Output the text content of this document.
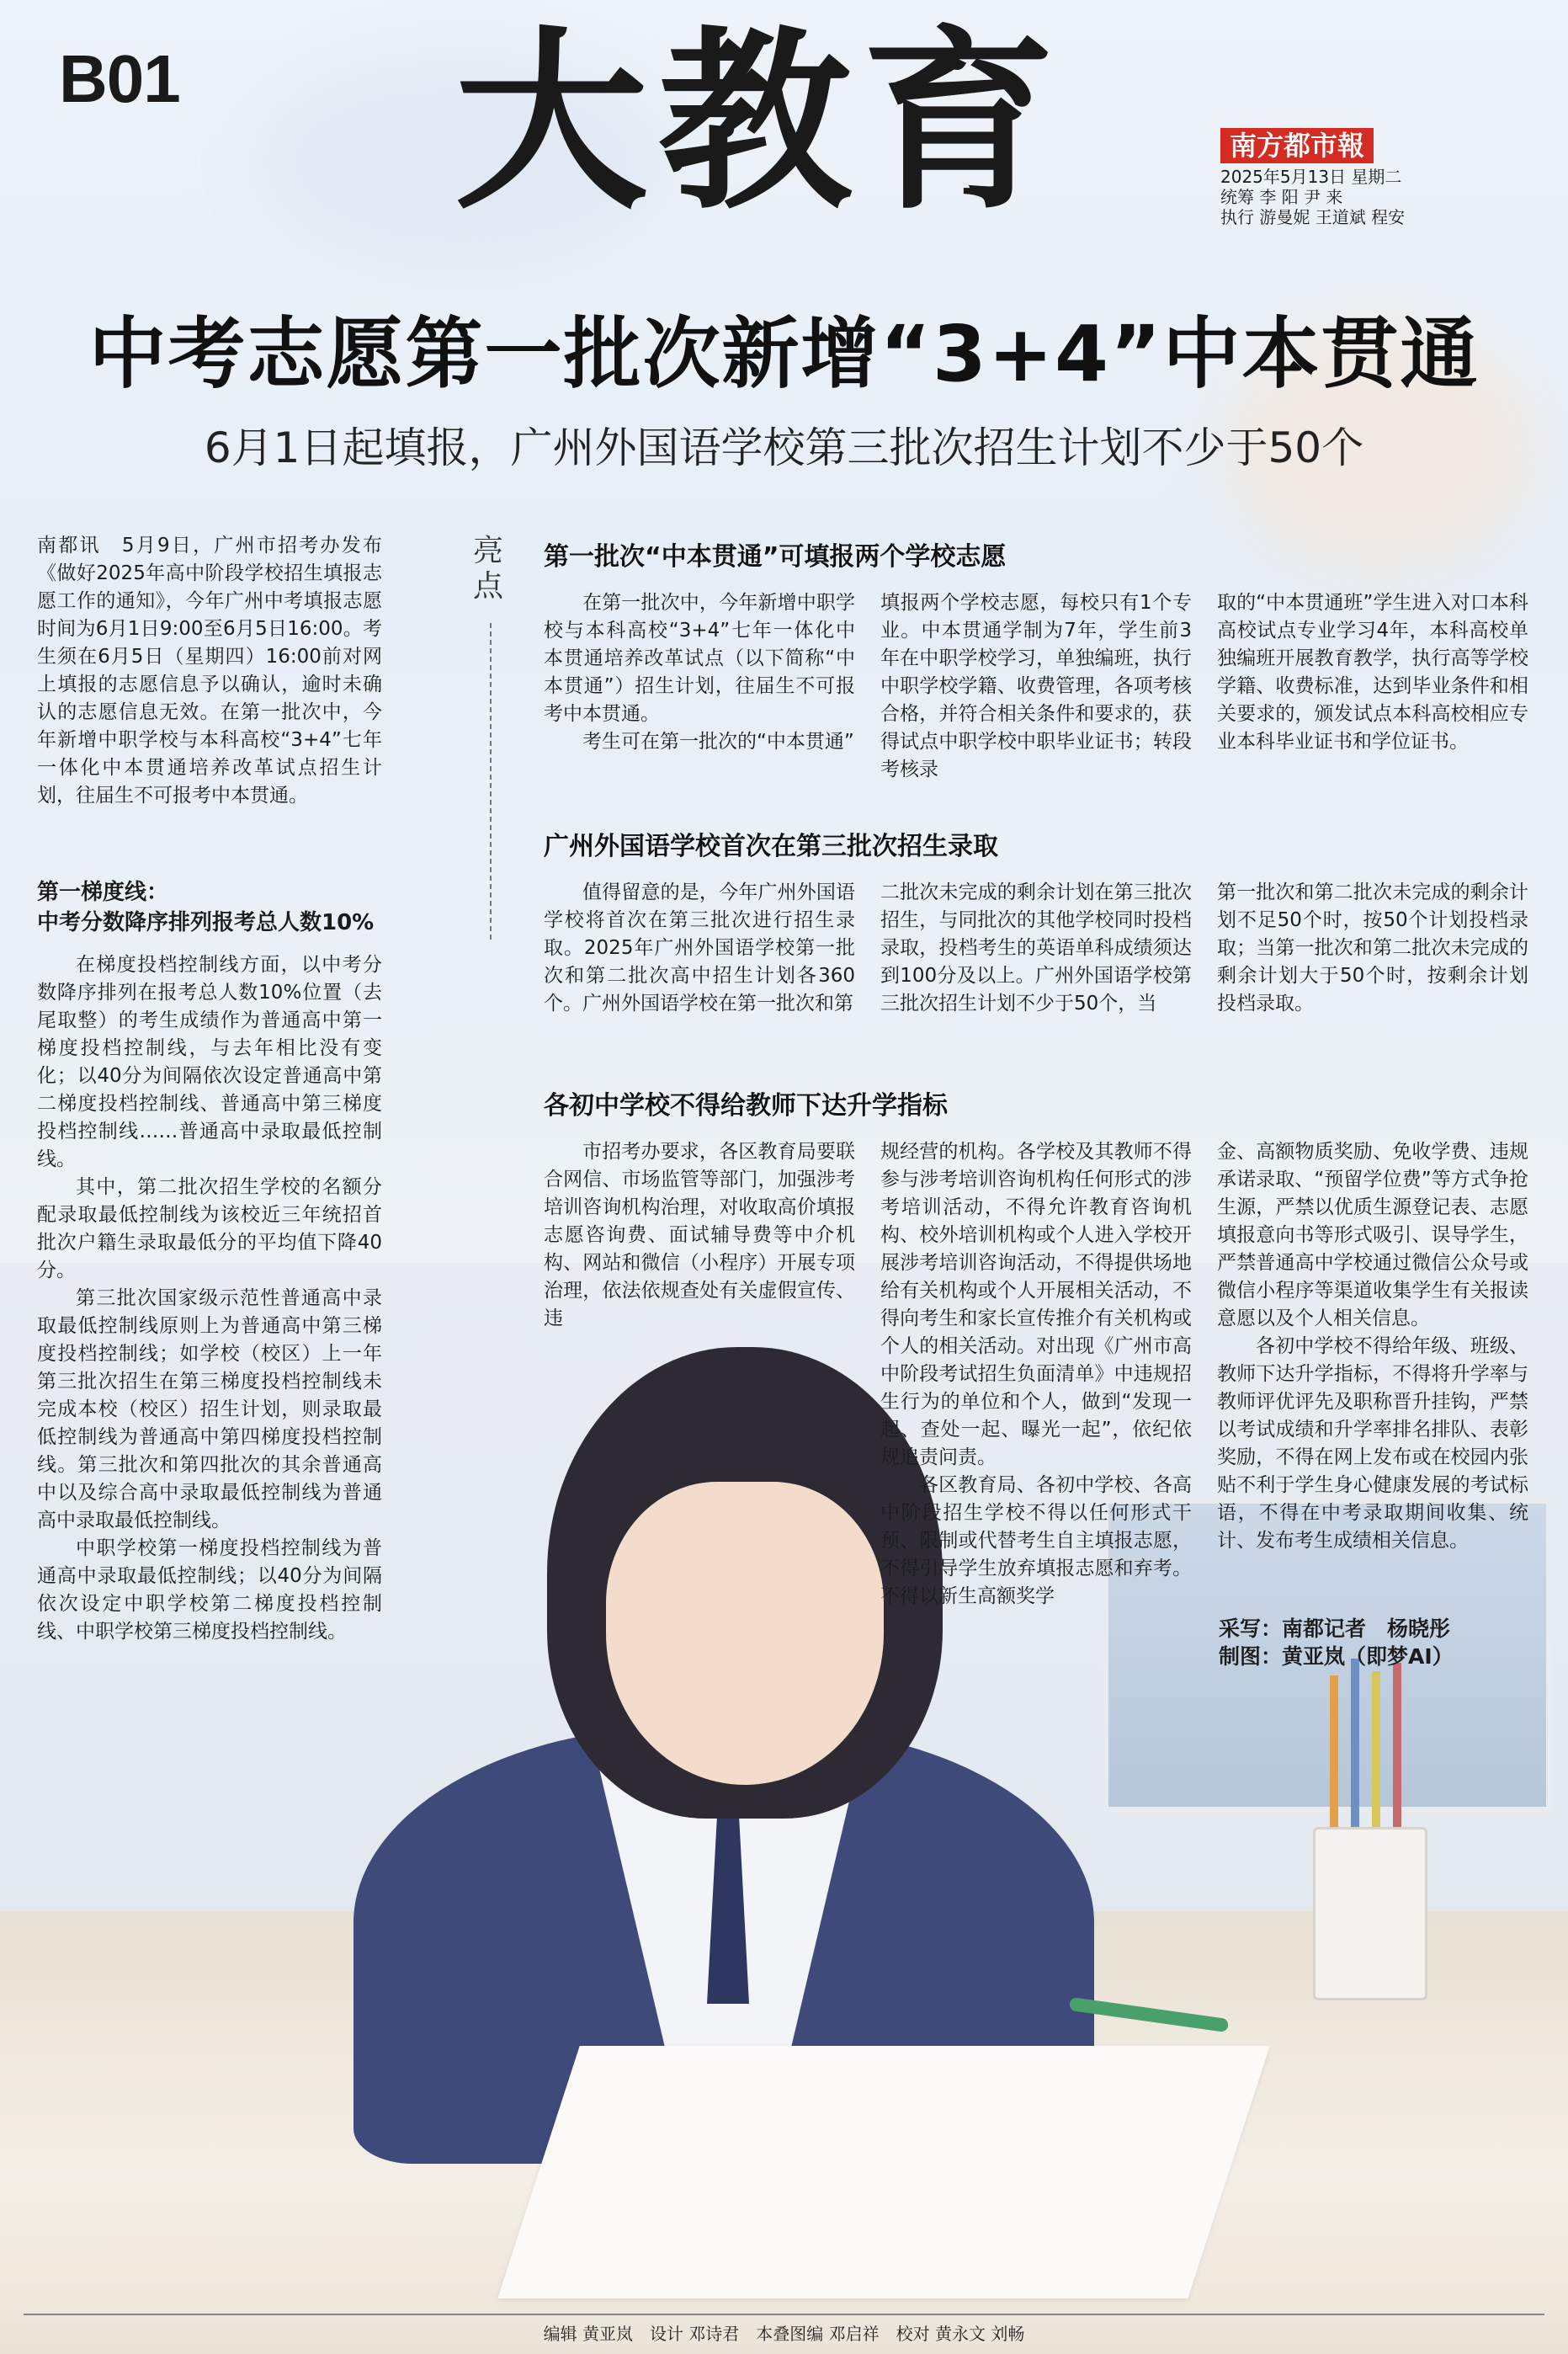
B01 大教育	南方都市報
2025年5月13日 星期二
统筹 李 阳 尹 来
执行 游曼妮 王道斌 程安
中考志愿第一批次新增“3+4”中本贯通
6月1日起填报，广州外国语学校第三批次招生计划不少于50个

南都讯　5月9日，广州市招考办发布《做好2025年高中阶段学校招生填报志愿工作的通知》，今年广州中考填报志愿时间为6月1日9:00至6月5日16:00。考生须在6月5日（星期四）16:00前对网上填报的志愿信息予以确认，逾时未确认的志愿信息无效。在第一批次中，今年新增中职学校与本科高校“3+4”七年一体化中本贯通培养改革试点招生计划，往届生不可报考中本贯通。

第一梯度线：
中考分数降序排列报考总人数10%

在梯度投档控制线方面，以中考分数降序排列在报考总人数10%位置（去尾取整）的考生成绩作为普通高中第一梯度投档控制线，与去年相比没有变化；以40分为间隔依次设定普通高中第二梯度投档控制线、普通高中第三梯度投档控制线……普通高中录取最低控制线。

其中，第二批次招生学校的名额分配录取最低控制线为该校近三年统招首批次户籍生录取最低分的平均值下降40分。

第三批次国家级示范性普通高中录取最低控制线原则上为普通高中第三梯度投档控制线；如学校（校区）上一年第三批次招生在第三梯度投档控制线未完成本校（校区）招生计划，则录取最低控制线为普通高中第四梯度投档控制线。第三批次和第四批次的其余普通高中以及综合高中录取最低控制线为普通高中录取最低控制线。

中职学校第一梯度投档控制线为普通高中录取最低控制线；以40分为间隔依次设定中职学校第二梯度投档控制线、中职学校第三梯度投档控制线。

亮点
第一批次“中本贯通”可填报两个学校志愿

在第一批次中，今年新增中职学校与本科高校“3+4”七年一体化中本贯通培养改革试点（以下简称“中本贯通”）招生计划，往届生不可报考中本贯通。

考生可在第一批次的“中本贯通”

填报两个学校志愿，每校只有1个专业。中本贯通学制为7年，学生前3年在中职学校学习，单独编班，执行中职学校学籍、收费管理，各项考核合格，并符合相关条件和要求的，获得试点中职学校中职毕业证书；转段考核录

取的“中本贯通班”学生进入对口本科高校试点专业学习4年，本科高校单独编班开展教育教学，执行高等学校学籍、收费标准，达到毕业条件和相关要求的，颁发试点本科高校相应专业本科毕业证书和学位证书。

广州外国语学校首次在第三批次招生录取

值得留意的是，今年广州外国语学校将首次在第三批次进行招生录取。2025年广州外国语学校第一批次和第二批次高中招生计划各360个。广州外国语学校在第一批次和第

二批次未完成的剩余计划在第三批次招生，与同批次的其他学校同时投档录取，投档考生的英语单科成绩须达到100分及以上。广州外国语学校第三批次招生计划不少于50个，当

第一批次和第二批次未完成的剩余计划不足50个时，按50个计划投档录取；当第一批次和第二批次未完成的剩余计划大于50个时，按剩余计划投档录取。

各初中学校不得给教师下达升学指标

市招考办要求，各区教育局要联合网信、市场监管等部门，加强涉考培训咨询机构治理，对收取高价填报志愿咨询费、面试辅导费等中介机构、网站和微信（小程序）开展专项治理，依法依规查处有关虚假宣传、违

规经营的机构。各学校及其教师不得参与涉考培训咨询机构任何形式的涉考培训活动，不得允许教育咨询机构、校外培训机构或个人进入学校开展涉考培训咨询活动，不得提供场地给有关机构或个人开展相关活动，不得向考生和家长宣传推介有关机构或个人的相关活动。对出现《广州市高中阶段考试招生负面清单》中违规招生行为的单位和个人，做到“发现一起、查处一起、曝光一起”，依纪依规追责问责。

各区教育局、各初中学校、各高中阶段招生学校不得以任何形式干预、限制或代替考生自主填报志愿，不得引导学生放弃填报志愿和弃考。不得以新生高额奖学

金、高额物质奖励、免收学费、违规承诺录取、“预留学位费”等方式争抢生源，严禁以优质生源登记表、志愿填报意向书等形式吸引、误导学生，严禁普通高中学校通过微信公众号或微信小程序等渠道收集学生有关报读意愿以及个人相关信息。

各初中学校不得给年级、班级、教师下达升学指标，不得将升学率与教师评优评先及职称晋升挂钩，严禁以考试成绩和升学率排名排队、表彰奖励，不得在网上发布或在校园内张贴不利于学生身心健康发展的考试标语，不得在中考录取期间收集、统计、发布考生成绩相关信息。

采写：南都记者　杨晓彤
制图：黄亚岚（即梦AI）
编辑 黄亚岚　设计 邓诗君　本叠图编 邓启祥　校对 黄永文 刘畅
